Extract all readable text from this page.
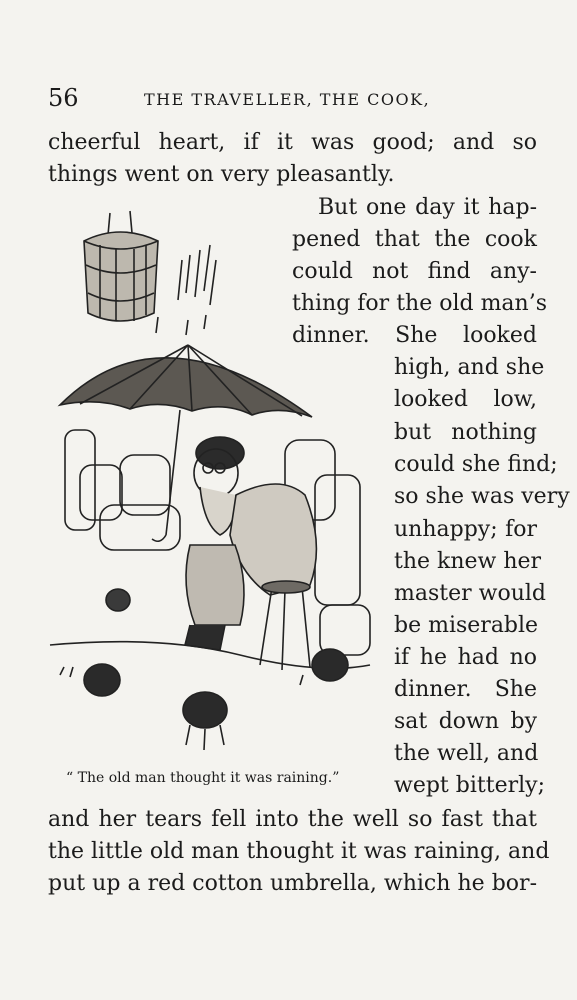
56	THE TRAVELLER, THE COOK,
cheerful heart, if it was good; and so
things went on very pleasantly.
But one day it hap-
pened that the cook
could not find any-
thing for the old man’s
dinner. She looked
high, and she
looked low,
but nothing
could she find;
so she was very
unhappy; for
the knew her
master would
be miserable
if he had no
dinner. She
sat down by
the well, and
wept bitterly;
and her tears fell into the well so fast that
the little old man thought it was raining, and
put up a red cotton umbrella, which he bor-
“ The old man thought it was raining.”
